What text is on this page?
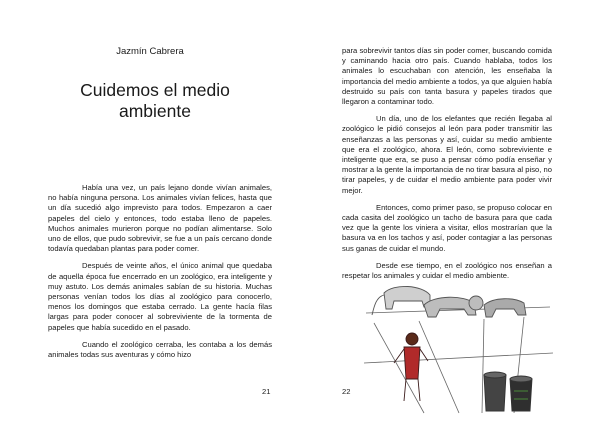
Jazmín Cabrera
Cuidemos el medio
ambiente

Había una vez, un país lejano donde vivían animales, no había ninguna persona. Los animales vivían felices, hasta que un día sucedió algo imprevisto para todos. Empezaron a caer papeles del cielo y entonces, todo estaba lleno de papeles. Muchos animales murieron porque no podían alimentarse. Solo uno de ellos, que pudo sobrevivir, se fue a un país cercano donde todavía quedaban plantas para poder comer.

Después de veinte años, el único animal que quedaba de aquella época fue encerrado en un zoológico, era inteligente y muy astuto. Los demás animales sabían de su historia. Muchas personas venían todos los días al zoológico para conocerlo, menos los domingos que estaba cerrado. La gente hacía filas largas para poder conocer al sobreviviente de la tormenta de papeles que había sucedido en el pasado.

Cuando el zoológico cerraba, les contaba a los demás animales todas sus aventuras y cómo hizo

21

para sobrevivir tantos días sin poder comer, buscando comida y caminando hacia otro país. Cuando hablaba, todos los animales lo escuchaban con atención, les enseñaba la importancia del medio ambiente a todos, ya que alguien había destruido su país con tanta basura y papeles tirados que llegaron a contaminar todo.

Un día, uno de los elefantes que recién llegaba al zoológico le pidió consejos al león para poder transmitir las enseñanzas a las personas y así, cuidar su medio ambiente que era el zoológico, ahora. El león, como sobreviviente e inteligente que era, se puso a pensar cómo podía enseñar y mostrar a la gente la importancia de no tirar basura al piso, no tirar papeles, y de cuidar el medio ambiente para poder vivir mejor.

Entonces, como primer paso, se propuso colocar en cada casita del zoológico un tacho de basura para que cada vez que la gente los viniera a visitar, ellos mostrarían que la basura va en los tachos y así, poder contagiar a las personas sus ganas de cuidar el mundo.

Desde ese tiempo, en el zoológico nos enseñan a respetar los animales y cuidar el medio ambiente.

22
